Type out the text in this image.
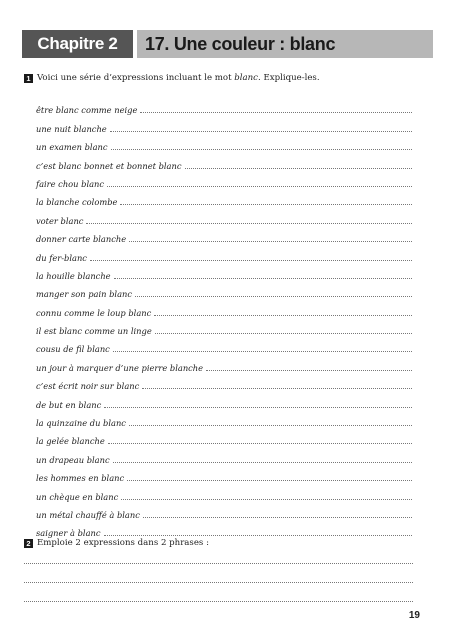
Chapitre 2	17. Une couleur : blanc
1 Voici une série d’expressions incluant le mot blanc. Explique-les.
être blanc comme neige
une nuit blanche
un examen blanc
c’est blanc bonnet et bonnet blanc
faire chou blanc
la blanche colombe
voter blanc
donner carte blanche
du fer-blanc
la houille blanche
manger son pain blanc
connu comme le loup blanc
il est blanc comme un linge
cousu de fil blanc
un jour à marquer d’une pierre blanche
c’est écrit noir sur blanc
de but en blanc
la quinzaine du blanc
la gelée blanche
un drapeau blanc
les hommes en blanc
un chèque en blanc
un métal chauffé à blanc
saigner à blanc
2 Emploie 2 expressions dans 2 phrases :
19
